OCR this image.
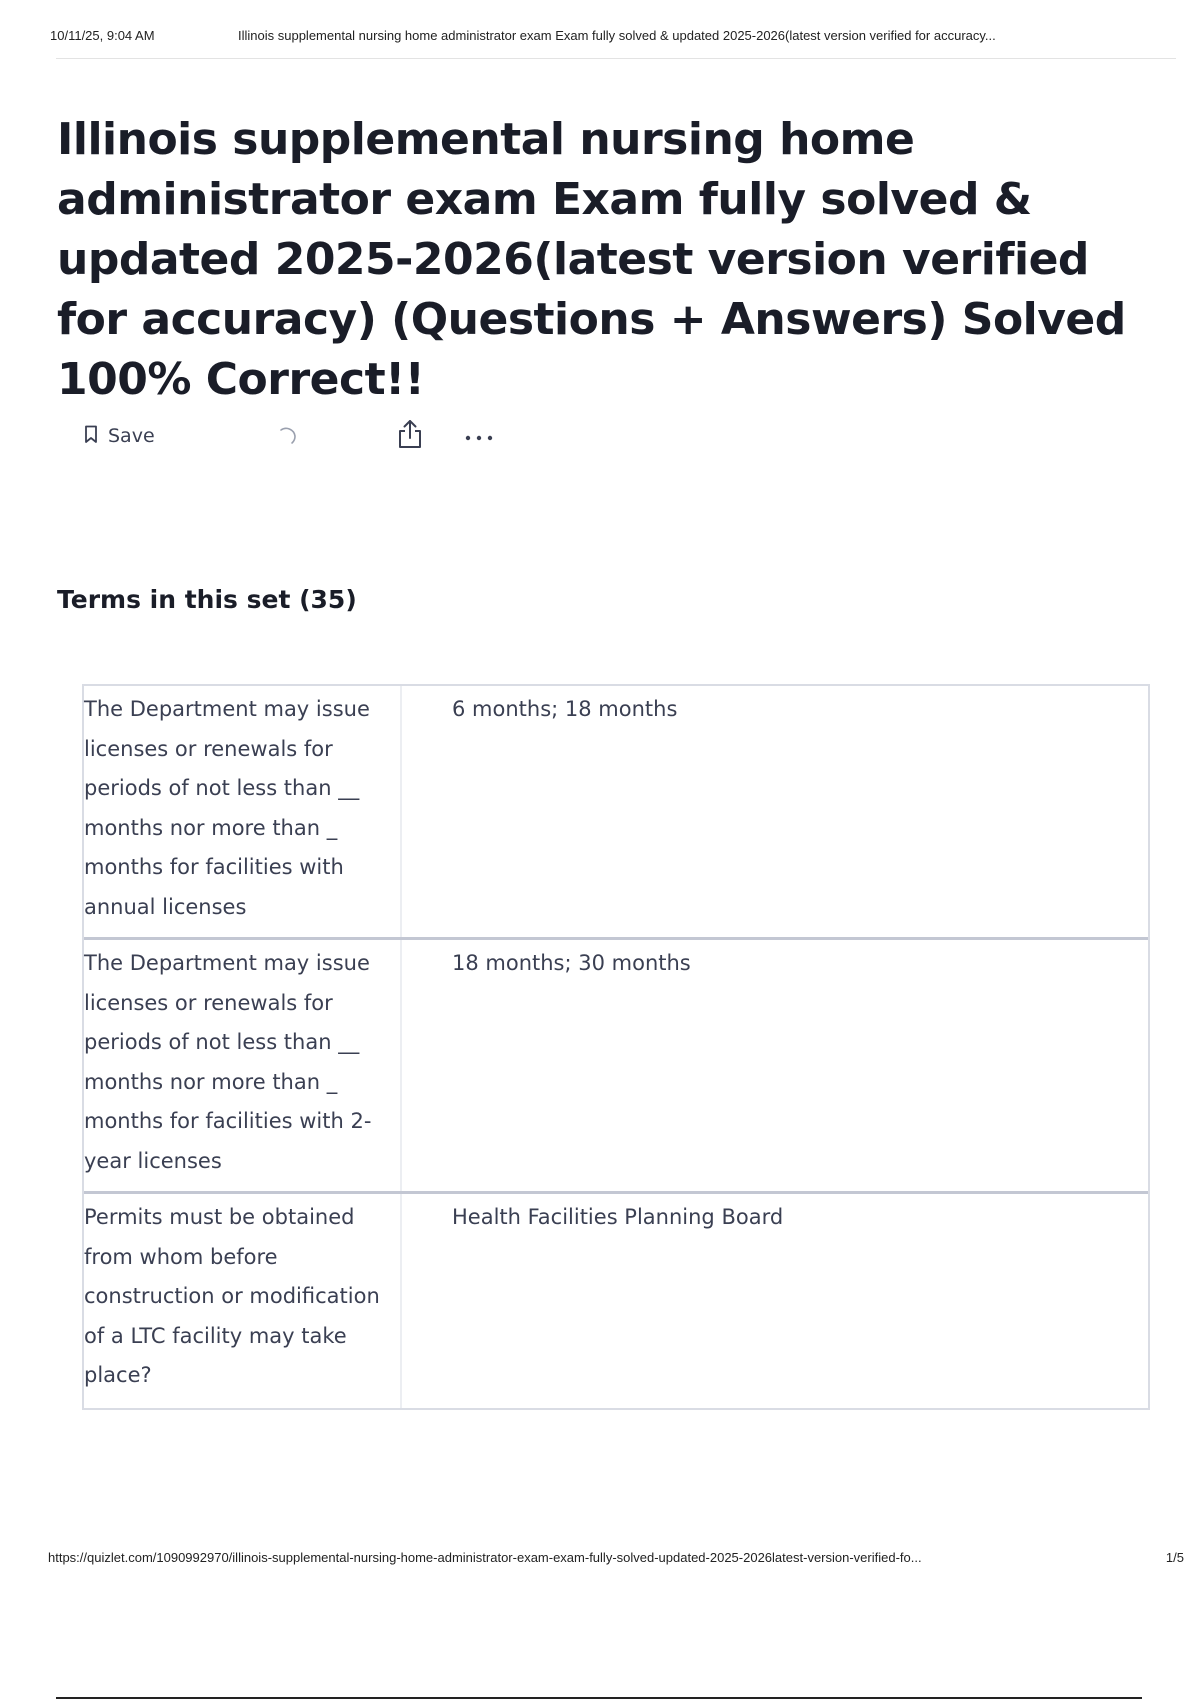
10/11/25, 9:04 AM	Illinois supplemental nursing home administrator exam Exam fully solved & updated 2025-2026(latest version verified for accuracy...
Illinois supplemental nursing home administrator exam Exam fully solved & updated 2025-2026(latest version verified for accuracy) (Questions + Answers) Solved 100% Correct!!
Save
Terms in this set (35)
The Department may issue licenses or renewals for periods of not less than __ months nor more than _ months for facilities with annual licenses
6 months; 18 months
The Department may issue licenses or renewals for periods of not less than __ months nor more than _ months for facilities with 2-year licenses
18 months; 30 months
Permits must be obtained from whom before construction or modification of a LTC facility may take place?
Health Facilities Planning Board
https://quizlet.com/1090992970/illinois-supplemental-nursing-home-administrator-exam-exam-fully-solved-updated-2025-2026latest-version-verified-fo...	1/5
